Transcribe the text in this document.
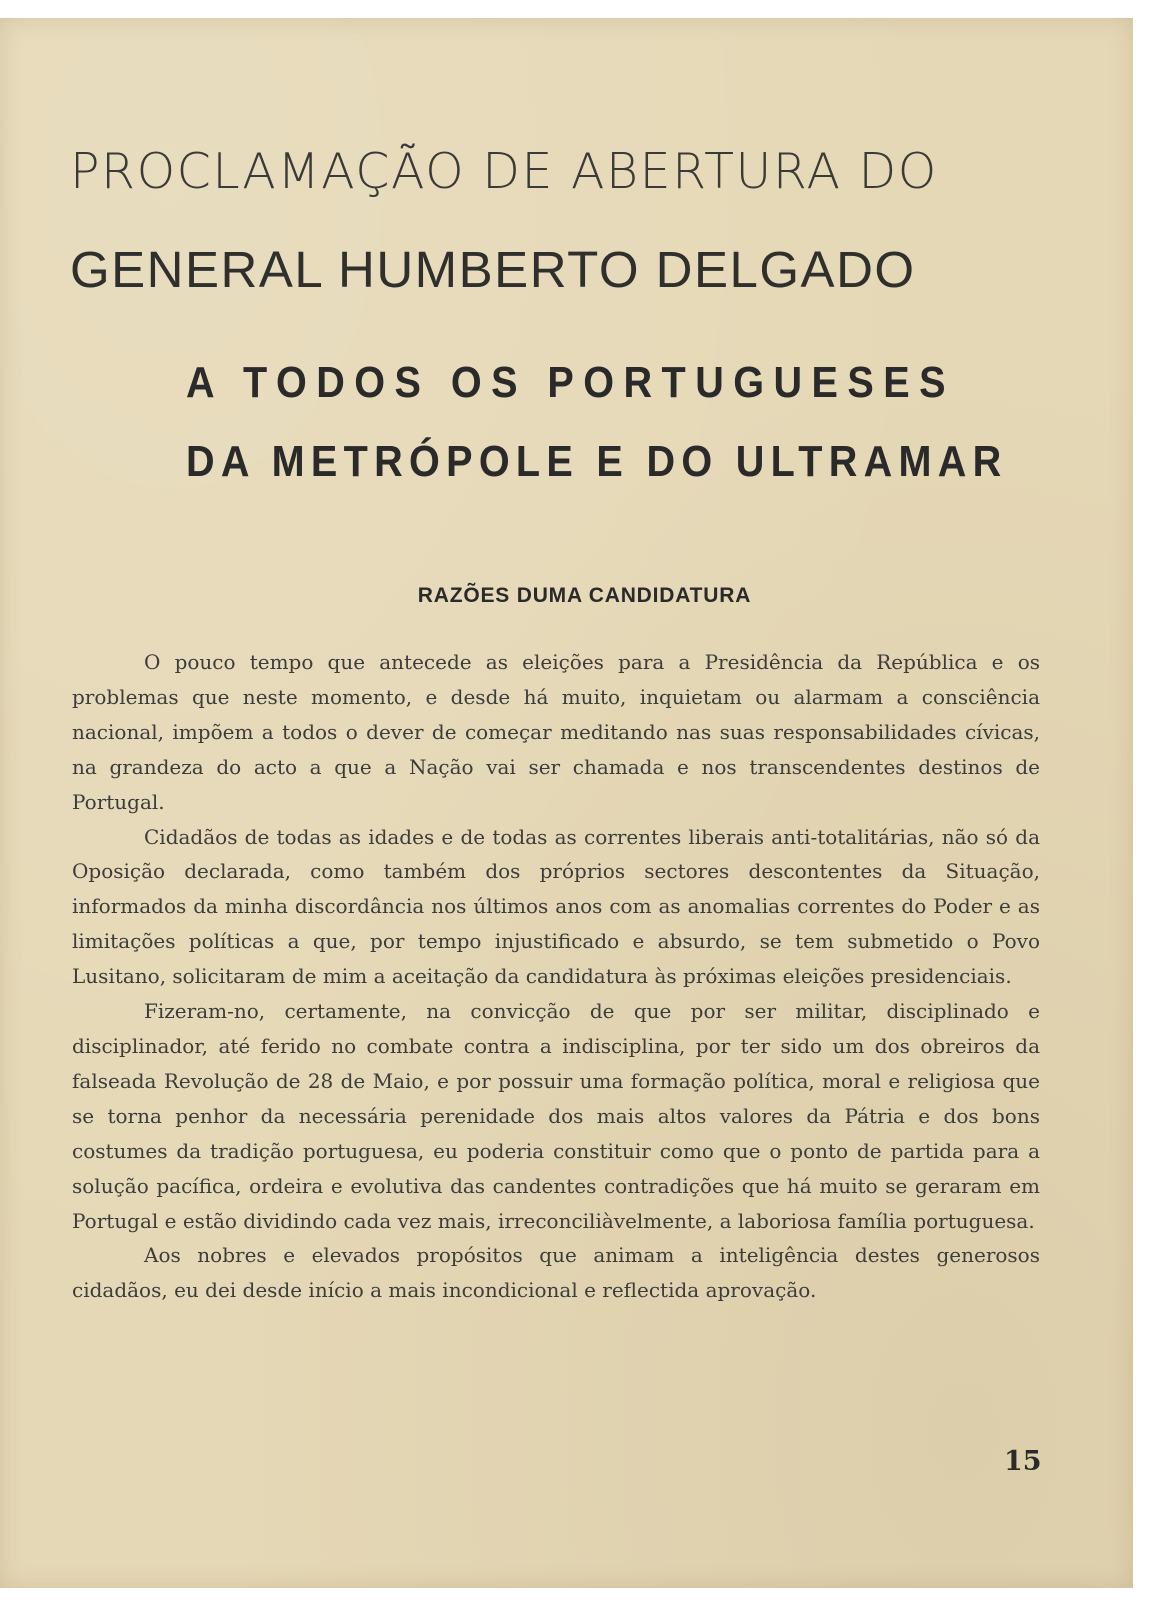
PROCLAMAÇÃO DE ABERTURA DO
GENERAL HUMBERTO DELGADO
A TODOS OS PORTUGUESES
DA METRÓPOLE E DO ULTRAMAR
RAZÕES DUMA CANDIDATURA

O pouco tempo que antecede as eleições para a Presidência da República e os problemas que neste momento, e desde há muito, inquietam ou alarmam a consciência nacional, impõem a todos o dever de começar meditando nas suas responsabilidades cívicas, na grandeza do acto a que a Nação vai ser chamada e nos transcendentes destinos de Portugal.

Cidadãos de todas as idades e de todas as correntes liberais anti-totalitárias, não só da Oposição declarada, como também dos próprios sectores descontentes da Situação, informados da minha discordância nos últimos anos com as anomalias correntes do Poder e as limitações políticas a que, por tempo injustificado e absurdo, se tem submetido o Povo Lusitano, solicitaram de mim a aceitação da candidatura às próximas eleições presidenciais.

Fizeram-no, certamente, na convicção de que por ser militar, disciplinado e disciplinador, até ferido no combate contra a indisciplina, por ter sido um dos obreiros da falseada Revolução de 28 de Maio, e por possuir uma formação política, moral e religiosa que se torna penhor da necessária perenidade dos mais altos valores da Pátria e dos bons costumes da tradição portuguesa, eu poderia constituir como que o ponto de partida para a solução pacífica, ordeira e evolutiva das candentes contradições que há muito se geraram em Portugal e estão dividindo cada vez mais, irreconciliàvelmente, a laboriosa família portuguesa.

Aos nobres e elevados propósitos que animam a inteligência destes generosos cidadãos, eu dei desde início a mais incondicional e reflectida aprovação.

15
